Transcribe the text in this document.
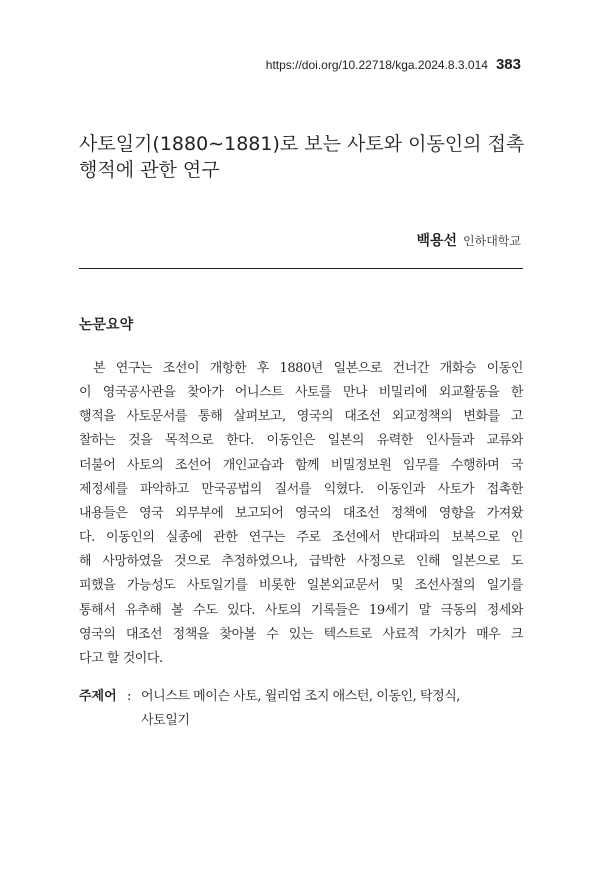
https://doi.org/10.22718/kga.2024.8.3.014 383
사토일기(1880∼1881)로 보는 사토와 이동인의 접촉
행적에 관한 연구
백용선 인하대학교
논문요약
본 연구는 조선이 개항한 후 1880년 일본으로 건너간 개화승 이동인
이 영국공사관을 찾아가 어니스트 사토를 만나 비밀리에 외교활동을 한
행적을 사토문서를 통해 살펴보고, 영국의 대조선 외교정책의 변화를 고
찰하는 것을 목적으로 한다. 이동인은 일본의 유력한 인사들과 교류와
더불어 사토의 조선어 개인교습과 함께 비밀정보원 임무를 수행하며 국
제정세를 파악하고 만국공법의 질서를 익혔다. 이동인과 사토가 접촉한
내용들은 영국 외무부에 보고되어 영국의 대조선 정책에 영향을 가져왔
다. 이동인의 실종에 관한 연구는 주로 조선에서 반대파의 보복으로 인
해 사망하였을 것으로 추정하였으나, 급박한 사정으로 인해 일본으로 도
피했을 가능성도 사토일기를 비롯한 일본외교문서 및 조선사절의 일기를
통해서 유추해 볼 수도 있다. 사토의 기록들은 19세기 말 극동의 정세와
영국의 대조선 정책을 찾아볼 수 있는 텍스트로 사료적 가치가 매우 크
다고 할 것이다.
주제어 : 어니스트 메이슨 사토, 윌리엄 조지 애스턴, 이동인, 탁정식,
사토일기
